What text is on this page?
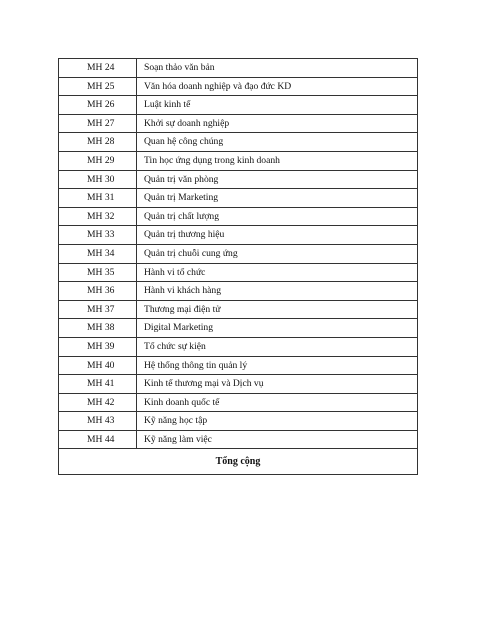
MH 24	Soạn thảo văn bản
MH 25	Văn hóa doanh nghiệp và đạo đức KD
MH 26	Luật kinh tế
MH 27	Khởi sự doanh nghiệp
MH 28	Quan hệ công chúng
MH 29	Tin học ứng dụng trong kinh doanh
MH 30	Quản trị văn phòng
MH 31	Quản trị Marketing
MH 32	Quản trị chất lượng
MH 33	Quản trị thương hiệu
MH 34	Quản trị chuỗi cung ứng
MH 35	Hành vi tổ chức
MH 36	Hành vi khách hàng
MH 37	Thương mại điện tử
MH 38	Digital Marketing
MH 39	Tổ chức sự kiện
MH 40	Hệ thống thông tin quản lý
MH 41	Kinh tế thương mại và Dịch vụ
MH 42	Kinh doanh quốc tế
MH 43	Kỹ năng học tập
MH 44	Kỹ năng làm việc
Tổng cộng	
